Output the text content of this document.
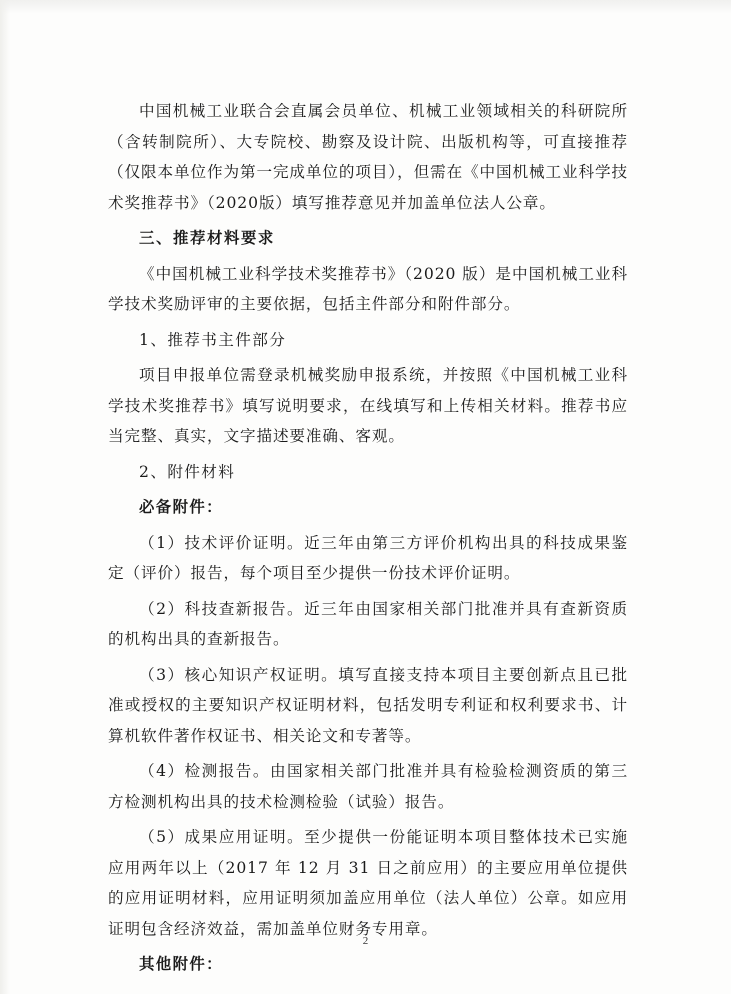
中国机械工业联合会直属会员单位、机械工业领域相关的科研院所（含转制院所）、大专院校、勘察及设计院、出版机构等，可直接推荐（仅限本单位作为第一完成单位的项目），但需在《中国机械工业科学技术奖推荐书》（2020版）填写推荐意见并加盖单位法人公章。

三、推荐材料要求

《中国机械工业科学技术奖推荐书》（2020 版）是中国机械工业科学技术奖励评审的主要依据，包括主件部分和附件部分。

1、推荐书主件部分

项目申报单位需登录机械奖励申报系统，并按照《中国机械工业科学技术奖推荐书》填写说明要求，在线填写和上传相关材料。推荐书应当完整、真实，文字描述要准确、客观。

2、附件材料

必备附件：

（1）技术评价证明。近三年由第三方评价机构出具的科技成果鉴定（评价）报告，每个项目至少提供一份技术评价证明。

（2）科技查新报告。近三年由国家相关部门批准并具有查新资质的机构出具的查新报告。

（3）核心知识产权证明。填写直接支持本项目主要创新点且已批准或授权的主要知识产权证明材料，包括发明专利证和权利要求书、计算机软件著作权证书、相关论文和专著等。

（4）检测报告。由国家相关部门批准并具有检验检测资质的第三方检测机构出具的技术检测检验（试验）报告。

（5）成果应用证明。至少提供一份能证明本项目整体技术已实施应用两年以上（2017 年 12 月 31 日之前应用）的主要应用单位提供的应用证明材料，应用证明须加盖应用单位（法人单位）公章。如应用证明包含经济效益，需加盖单位财务专用章。

其他附件：

2
